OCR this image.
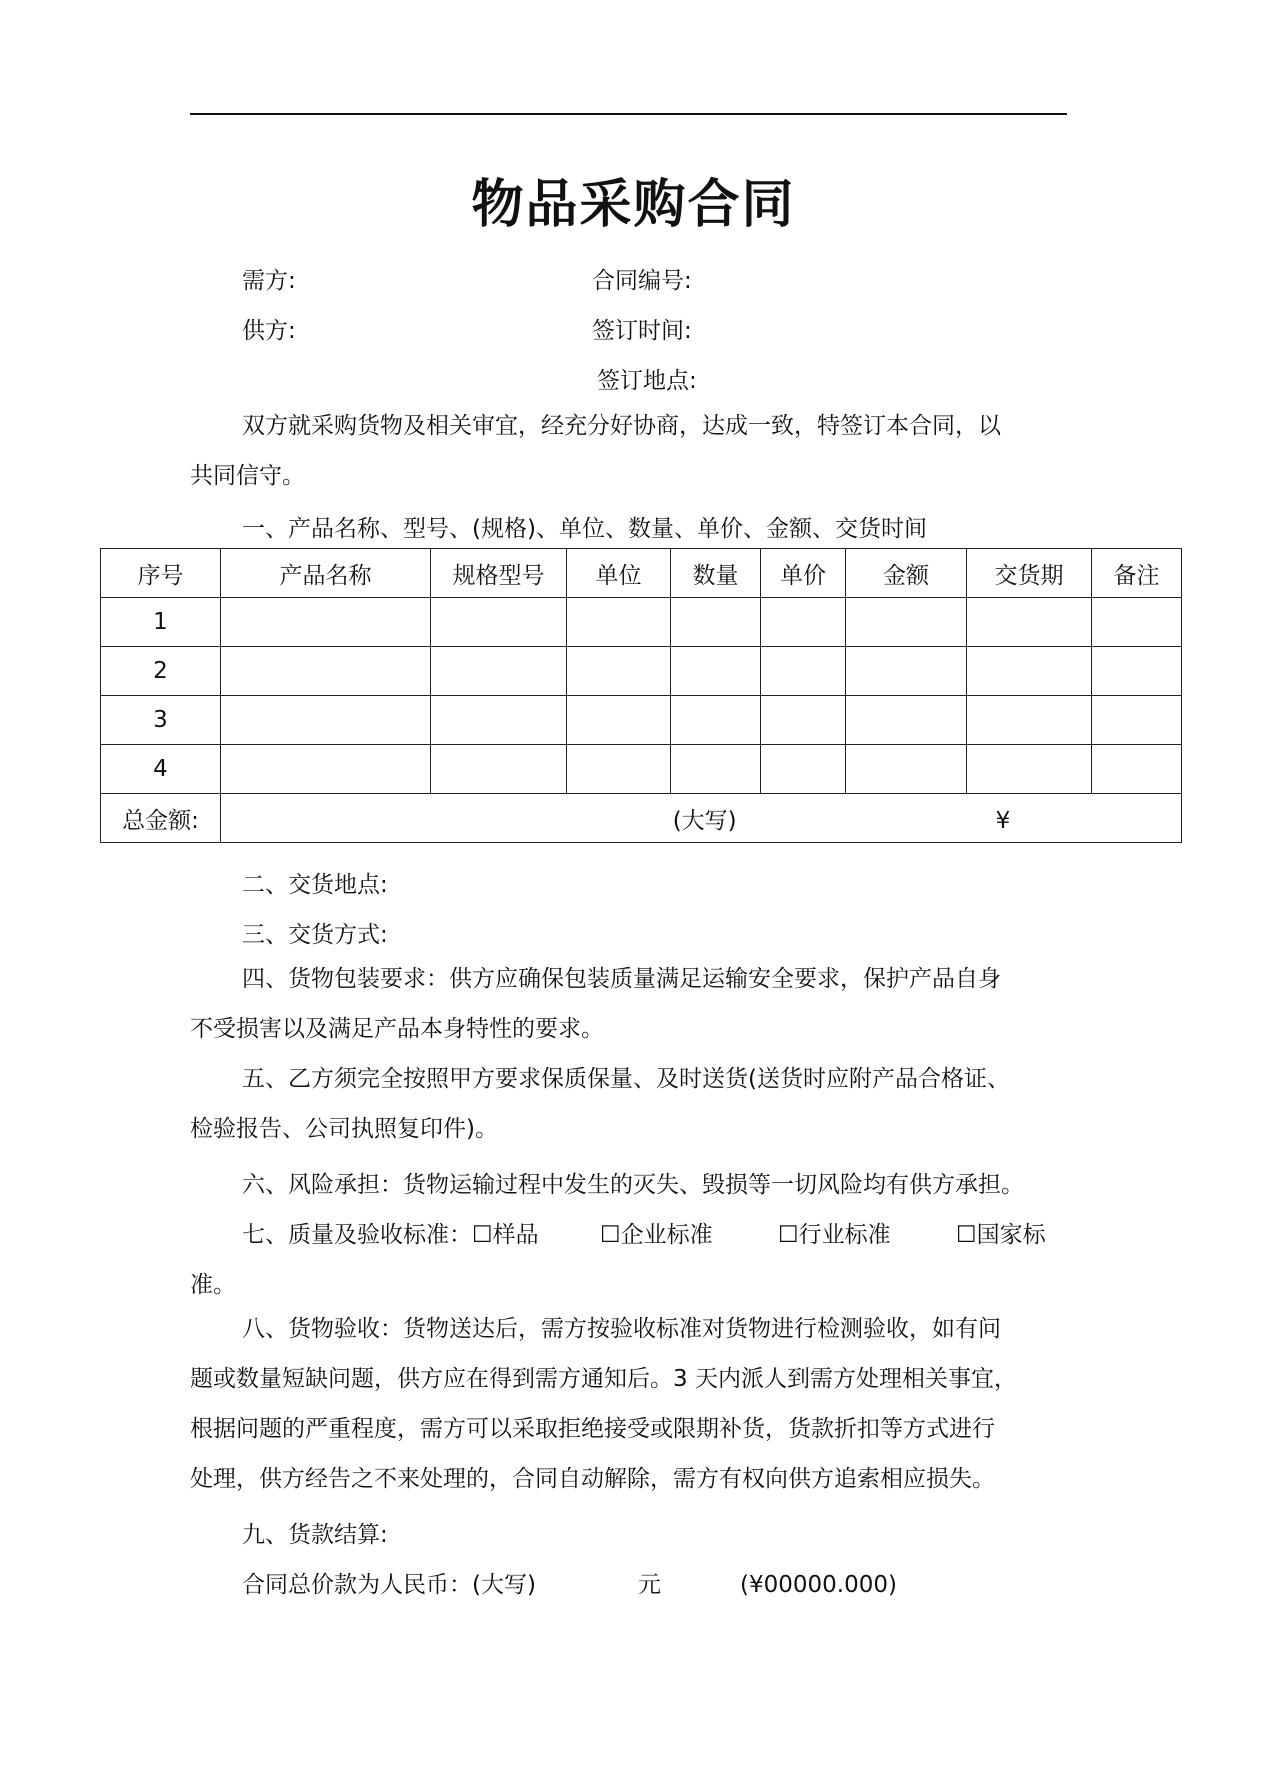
物品采购合同
需方:	合同编号:
供方:	签订时间:
签订地点:
双方就采购货物及相关审宜，经充分好协商，达成一致，特签订本合同，以
共同信守。
一、产品名称、型号、(规格)、单位、数量、单价、金额、交货时间
序号	产品名称	规格型号	单位	数量	单价	金额	交货期	备注
1								
2								
3								
4								
总金额:	(大写) ¥							
二、交货地点:
三、交货方式:
四、货物包装要求：供方应确保包装质量满足运输安全要求，保护产品自身
不受损害以及满足产品本身特性的要求。
五、乙方须完全按照甲方要求保质保量、及时送货(送货时应附产品合格证、
检验报告、公司执照复印件)。
六、风险承担：货物运输过程中发生的灭失、毁损等一切风险均有供方承担。
七、质量及验收标准：☐样品	☐企业标准	☐行业标准	☐国家标
准。
八、货物验收：货物送达后，需方按验收标准对货物进行检测验收，如有问
题或数量短缺问题，供方应在得到需方通知后。3 天内派人到需方处理相关事宜，
根据问题的严重程度，需方可以采取拒绝接受或限期补货，货款折扣等方式进行
处理，供方经告之不来处理的，合同自动解除，需方有权向供方追索相应损失。
九、货款结算:
合同总价款为人民币：(大写)	元	(¥00000.000)
